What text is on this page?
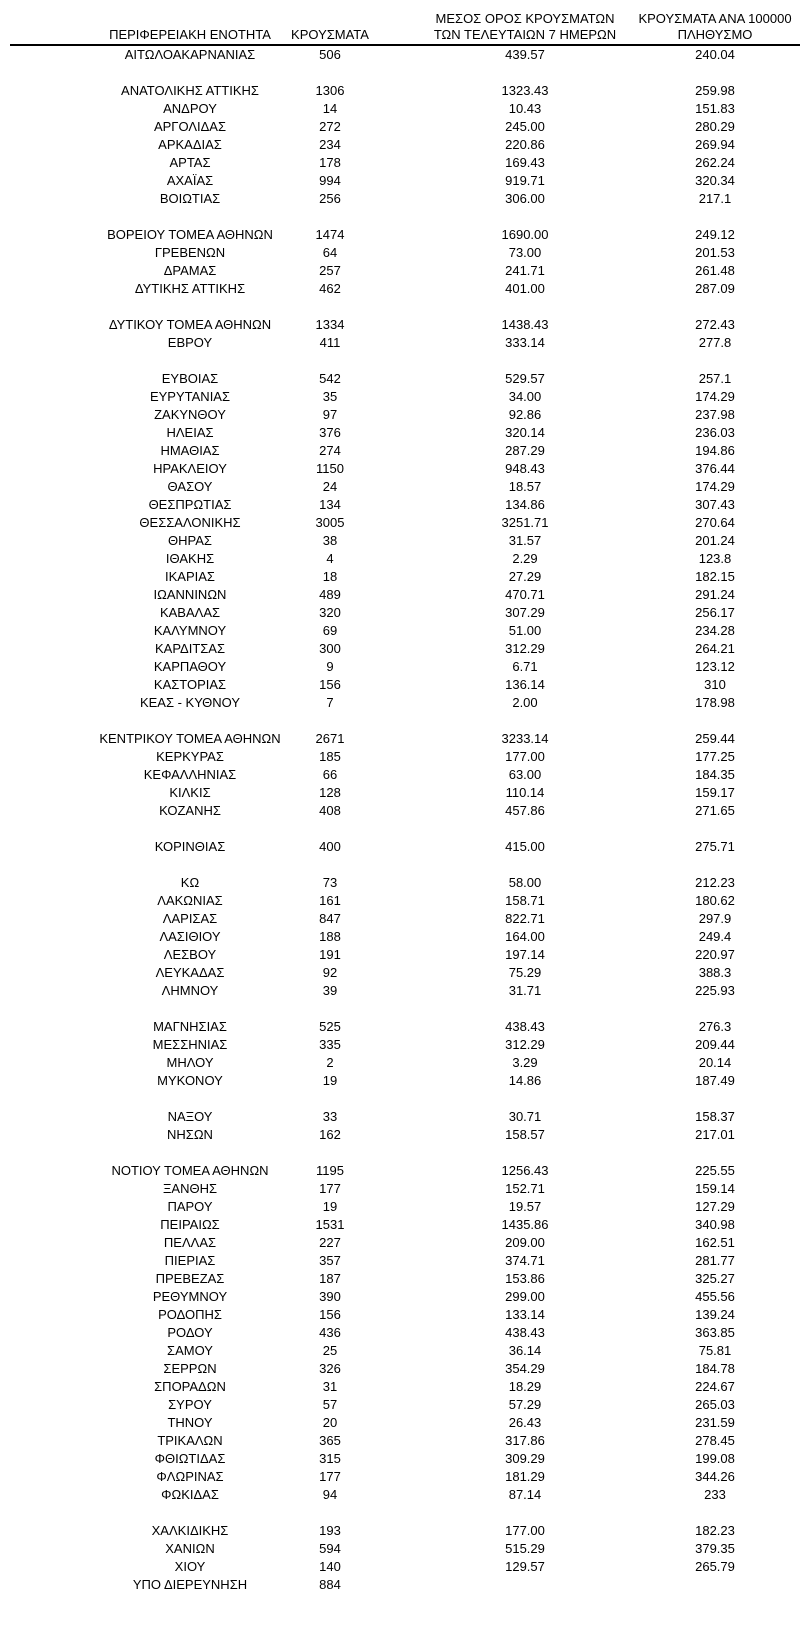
ΠΕΡΙΦΕΡΕΙΑΚΗ ΕΝΟΤΗΤΑ	ΚΡΟΥΣΜΑΤΑ
ΜΕΣΟΣ ΟΡΟΣ ΚΡΟΥΣΜΑΤΩΝ
ΤΩΝ ΤΕΛΕΥΤΑΙΩΝ 7 ΗΜΕΡΩΝ
ΚΡΟΥΣΜΑΤΑ ΑΝΑ 100000
ΠΛΗΘΥΣΜΟ
ΑΙΤΩΛΟΑΚΑΡΝΑΝΙΑΣ	506	439.57	240.04
ΑΝΑΤΟΛΙΚΗΣ ΑΤΤΙΚΗΣ	1306	1323.43	259.98
ΑΝΔΡΟΥ	14	10.43	151.83
ΑΡΓΟΛΙΔΑΣ	272	245.00	280.29
ΑΡΚΑΔΙΑΣ	234	220.86	269.94
ΑΡΤΑΣ	178	169.43	262.24
ΑΧΑΪΑΣ	994	919.71	320.34
ΒΟΙΩΤΙΑΣ	256	306.00	217.1
ΒΟΡΕΙΟΥ ΤΟΜΕΑ ΑΘΗΝΩΝ	1474	1690.00	249.12
ΓΡΕΒΕΝΩΝ	64	73.00	201.53
ΔΡΑΜΑΣ	257	241.71	261.48
ΔΥΤΙΚΗΣ ΑΤΤΙΚΗΣ	462	401.00	287.09
ΔΥΤΙΚΟΥ ΤΟΜΕΑ ΑΘΗΝΩΝ	1334	1438.43	272.43
ΕΒΡΟΥ	411	333.14	277.8
ΕΥΒΟΙΑΣ	542	529.57	257.1
ΕΥΡΥΤΑΝΙΑΣ	35	34.00	174.29
ΖΑΚΥΝΘΟΥ	97	92.86	237.98
ΗΛΕΙΑΣ	376	320.14	236.03
ΗΜΑΘΙΑΣ	274	287.29	194.86
ΗΡΑΚΛΕΙΟΥ	1150	948.43	376.44
ΘΑΣΟΥ	24	18.57	174.29
ΘΕΣΠΡΩΤΙΑΣ	134	134.86	307.43
ΘΕΣΣΑΛΟΝΙΚΗΣ	3005	3251.71	270.64
ΘΗΡΑΣ	38	31.57	201.24
ΙΘΑΚΗΣ	4	2.29	123.8
ΙΚΑΡΙΑΣ	18	27.29	182.15
ΙΩΑΝΝΙΝΩΝ	489	470.71	291.24
ΚΑΒΑΛΑΣ	320	307.29	256.17
ΚΑΛΥΜΝΟΥ	69	51.00	234.28
ΚΑΡΔΙΤΣΑΣ	300	312.29	264.21
ΚΑΡΠΑΘΟΥ	9	6.71	123.12
ΚΑΣΤΟΡΙΑΣ	156	136.14	310
ΚΕΑΣ - ΚΥΘΝΟΥ	7	2.00	178.98
ΚΕΝΤΡΙΚΟΥ ΤΟΜΕΑ ΑΘΗΝΩΝ	2671	3233.14	259.44
ΚΕΡΚΥΡΑΣ	185	177.00	177.25
ΚΕΦΑΛΛΗΝΙΑΣ	66	63.00	184.35
ΚΙΛΚΙΣ	128	110.14	159.17
ΚΟΖΑΝΗΣ	408	457.86	271.65
ΚΟΡΙΝΘΙΑΣ	400	415.00	275.71
ΚΩ	73	58.00	212.23
ΛΑΚΩΝΙΑΣ	161	158.71	180.62
ΛΑΡΙΣΑΣ	847	822.71	297.9
ΛΑΣΙΘΙΟΥ	188	164.00	249.4
ΛΕΣΒΟΥ	191	197.14	220.97
ΛΕΥΚΑΔΑΣ	92	75.29	388.3
ΛΗΜΝΟΥ	39	31.71	225.93
ΜΑΓΝΗΣΙΑΣ	525	438.43	276.3
ΜΕΣΣΗΝΙΑΣ	335	312.29	209.44
ΜΗΛΟΥ	2	3.29	20.14
ΜΥΚΟΝΟΥ	19	14.86	187.49
ΝΑΞΟΥ	33	30.71	158.37
ΝΗΣΩΝ	162	158.57	217.01
ΝΟΤΙΟΥ ΤΟΜΕΑ ΑΘΗΝΩΝ	1195	1256.43	225.55
ΞΑΝΘΗΣ	177	152.71	159.14
ΠΑΡΟΥ	19	19.57	127.29
ΠΕΙΡΑΙΩΣ	1531	1435.86	340.98
ΠΕΛΛΑΣ	227	209.00	162.51
ΠΙΕΡΙΑΣ	357	374.71	281.77
ΠΡΕΒΕΖΑΣ	187	153.86	325.27
ΡΕΘΥΜΝΟΥ	390	299.00	455.56
ΡΟΔΟΠΗΣ	156	133.14	139.24
ΡΟΔΟΥ	436	438.43	363.85
ΣΑΜΟΥ	25	36.14	75.81
ΣΕΡΡΩΝ	326	354.29	184.78
ΣΠΟΡΑΔΩΝ	31	18.29	224.67
ΣΥΡΟΥ	57	57.29	265.03
ΤΗΝΟΥ	20	26.43	231.59
ΤΡΙΚΑΛΩΝ	365	317.86	278.45
ΦΘΙΩΤΙΔΑΣ	315	309.29	199.08
ΦΛΩΡΙΝΑΣ	177	181.29	344.26
ΦΩΚΙΔΑΣ	94	87.14	233
ΧΑΛΚΙΔΙΚΗΣ	193	177.00	182.23
ΧΑΝΙΩΝ	594	515.29	379.35
ΧΙΟΥ	140	129.57	265.79
ΥΠΟ ΔΙΕΡΕΥΝΗΣΗ	884
